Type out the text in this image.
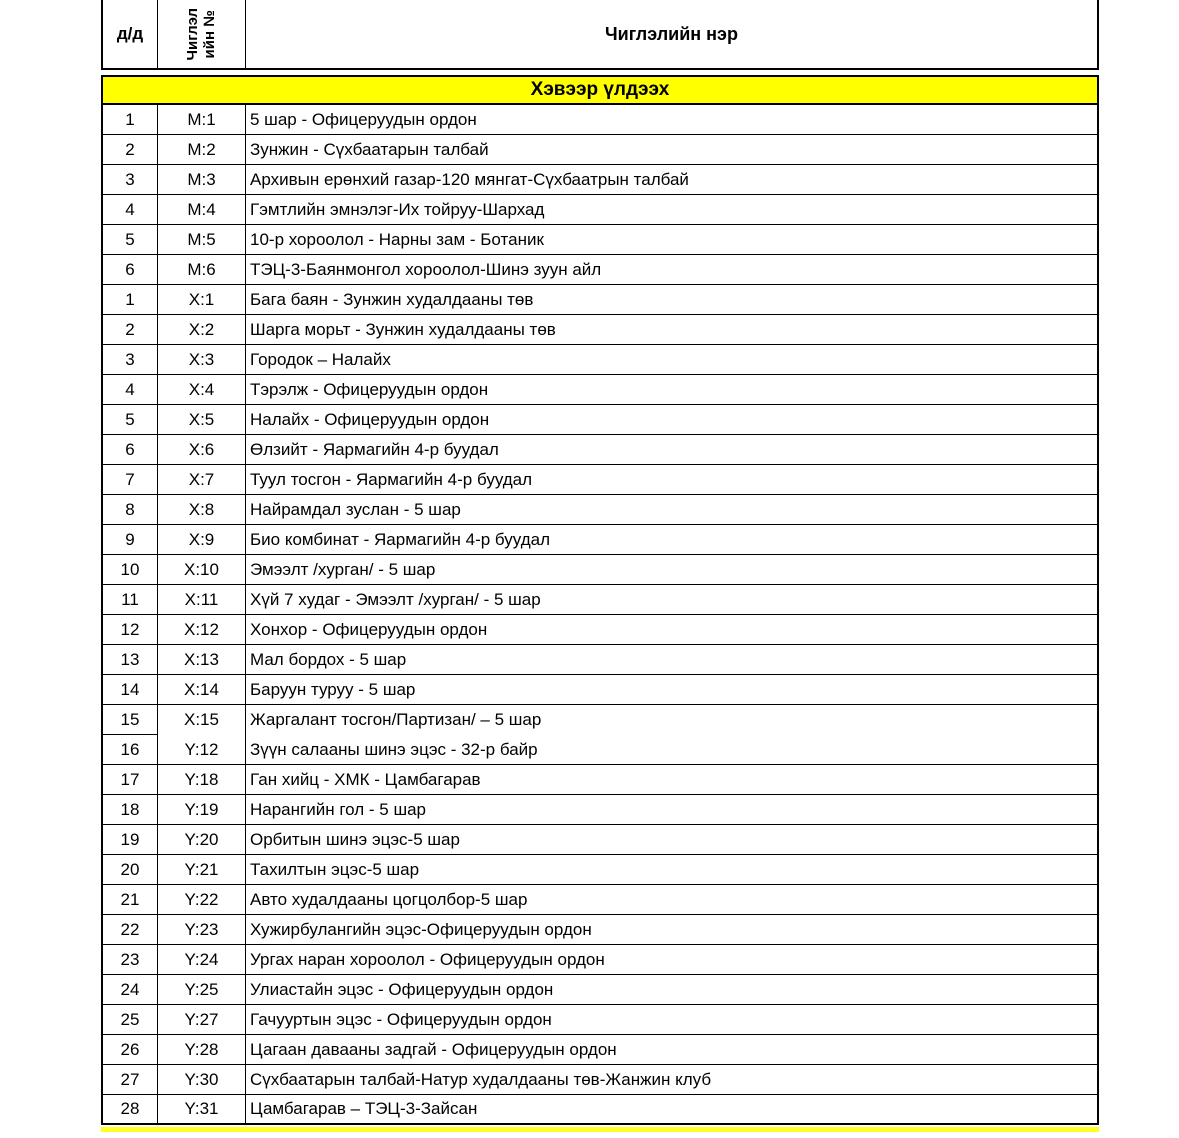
д/д	Чиглэл ийн №	Чиглэлийн нэр
Хэвээр үлдээх
1	M:1	5 шар - Офицеруудын ордон
2	M:2	Зунжин - Сүхбаатарын талбай
3	M:3	Архивын ерөнхий газар-120 мянгат-Сүхбаатрын талбай
4	M:4	Гэмтлийн эмнэлэг-Их тойруу-Шархад
5	M:5	10-р хороолол - Нарны зам - Ботаник
6	M:6	ТЭЦ-3-Баянмонгол хороолол-Шинэ зуун айл
1	X:1	Бага баян - Зунжин худалдааны төв
2	X:2	Шарга морьт - Зунжин худалдааны төв
3	X:3	Городок – Налайх
4	X:4	Тэрэлж - Офицеруудын ордон
5	X:5	Налайх - Офицеруудын ордон
6	X:6	Өлзийт - Яармагийн 4-р буудал
7	X:7	Туул тосгон - Яармагийн 4-р буудал
8	X:8	Найрамдал зуслан - 5 шар
9	X:9	Био комбинат - Яармагийн 4-р буудал
10	X:10	Эмээлт /хурган/ - 5 шар
11	X:11	Хүй 7 худаг - Эмээлт /хурган/ - 5 шар
12	X:12	Хонхор - Офицеруудын ордон
13	X:13	Мал бордох - 5 шар
14	X:14	Баруун туруу - 5 шар
15	X:15	Жаргалант тосгон/Партизан/ – 5 шар
16	Y:12	Зүүн салааны шинэ эцэс - 32-р байр
17	Y:18	Ган хийц - ХМК - Цамбагарав
18	Y:19	Нарангийн гол - 5 шар
19	Y:20	Орбитын шинэ эцэс-5 шар
20	Y:21	Тахилтын эцэс-5 шар
21	Y:22	Авто худалдааны цогцолбор-5 шар
22	Y:23	Хужирбулангийн эцэс-Офицеруудын ордон
23	Y:24	Ургах наран хороолол - Офицеруудын ордон
24	Y:25	Улиастайн эцэс - Офицеруудын ордон
25	Y:27	Гачууртын эцэс - Офицеруудын ордон
26	Y:28	Цагаан давааны задгай - Офицеруудын ордон
27	Y:30	Сүхбаатарын талбай-Натур худалдааны төв-Жанжин клуб
28	Y:31	Цамбагарав – ТЭЦ-3-Зайсан
